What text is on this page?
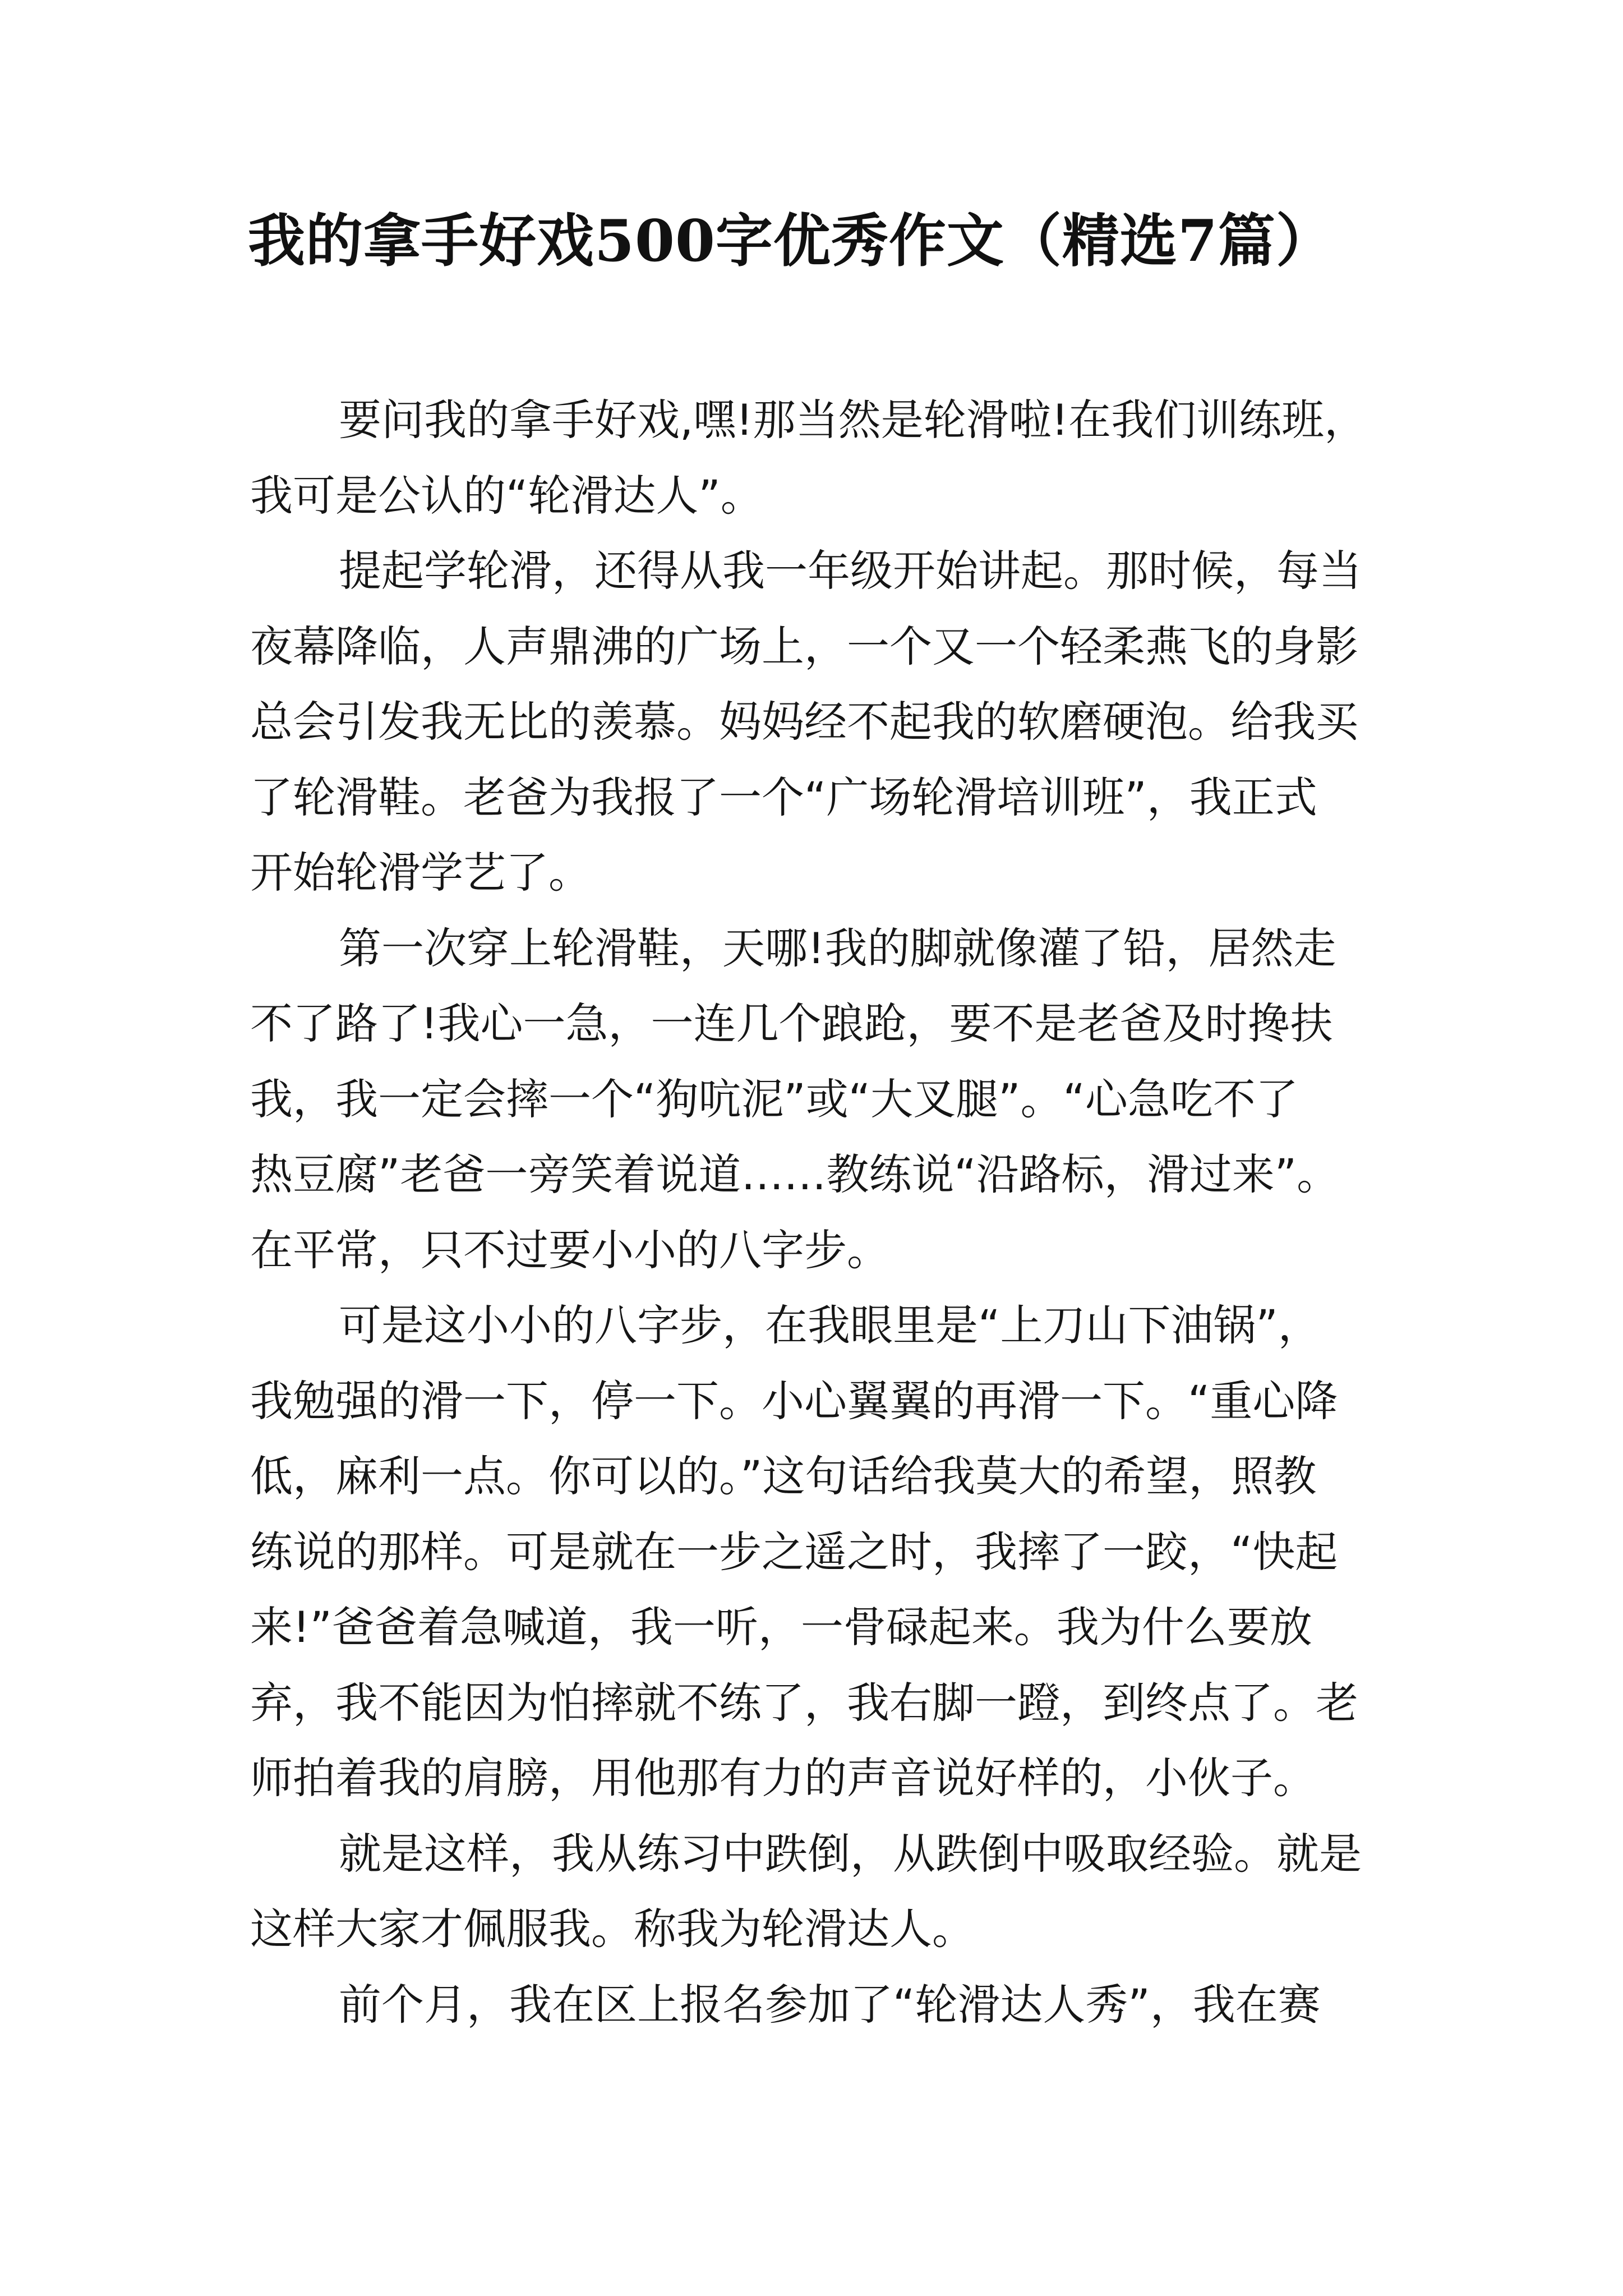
我的拿手好戏500字优秀作文（精选7篇）

要问我的拿手好戏,嘿!那当然是轮滑啦!在我们训练班，
我可是公认的“轮滑达人”。

提起学轮滑，还得从我一年级开始讲起。那时候，每当
夜幕降临，人声鼎沸的广场上，一个又一个轻柔燕飞的身影
总会引发我无比的羡慕。妈妈经不起我的软磨硬泡。给我买
了轮滑鞋。老爸为我报了一个“广场轮滑培训班”，我正式
开始轮滑学艺了。

第一次穿上轮滑鞋，天哪!我的脚就像灌了铅，居然走
不了路了!我心一急，一连几个踉跄，要不是老爸及时搀扶
我，我一定会摔一个“狗吭泥”或“大叉腿”。“心急吃不了
热豆腐”老爸一旁笑着说道……教练说“沿路标，滑过来”。
在平常，只不过要小小的八字步。

可是这小小的八字步，在我眼里是“上刀山下油锅”，
我勉强的滑一下，停一下。小心翼翼的再滑一下。“重心降
低，麻利一点。你可以的。”这句话给我莫大的希望，照教
练说的那样。可是就在一步之遥之时，我摔了一跤，“快起
来!”爸爸着急喊道，我一听，一骨碌起来。我为什么要放
弃，我不能因为怕摔就不练了，我右脚一蹬，到终点了。老
师拍着我的肩膀，用他那有力的声音说好样的，小伙子。

就是这样，我从练习中跌倒，从跌倒中吸取经验。就是
这样大家才佩服我。称我为轮滑达人。

前个月，我在区上报名参加了“轮滑达人秀”，我在赛
